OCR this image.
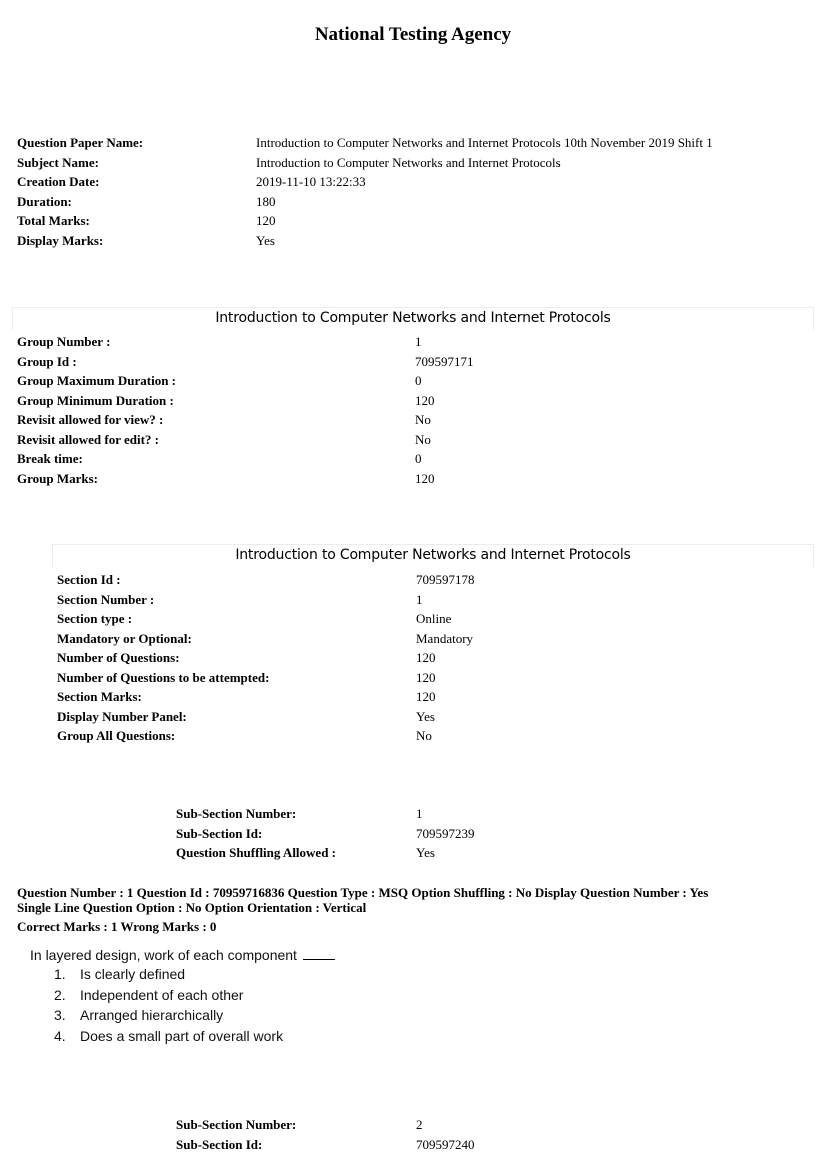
National Testing Agency
Question Paper Name:	Introduction to Computer Networks and Internet Protocols 10th November 2019 Shift 1
Subject Name:	Introduction to Computer Networks and Internet Protocols
Creation Date:	2019-11-10 13:22:33
Duration:	180
Total Marks:	120
Display Marks:	Yes
Introduction to Computer Networks and Internet Protocols
Group Number :	1
Group Id :	709597171
Group Maximum Duration :	0
Group Minimum Duration :	120
Revisit allowed for view? :	No
Revisit allowed for edit? :	No
Break time:	0
Group Marks:	120
Introduction to Computer Networks and Internet Protocols
Section Id :	709597178
Section Number :	1
Section type :	Online
Mandatory or Optional:	Mandatory
Number of Questions:	120
Number of Questions to be attempted:	120
Section Marks:	120
Display Number Panel:	Yes
Group All Questions:	No
Sub-Section Number:	1
Sub-Section Id:	709597239
Question Shuffling Allowed :	Yes
Question Number : 1 Question Id : 70959716836 Question Type : MSQ Option Shuffling : No Display Question Number : Yes
Single Line Question Option : No Option Orientation : Vertical
Correct Marks : 1 Wrong Marks : 0
In layered design, work of each component
1.	Is clearly defined
2.	Independent of each other
3.	Arranged hierarchically
4.	Does a small part of overall work
Sub-Section Number:	2
Sub-Section Id:	709597240
